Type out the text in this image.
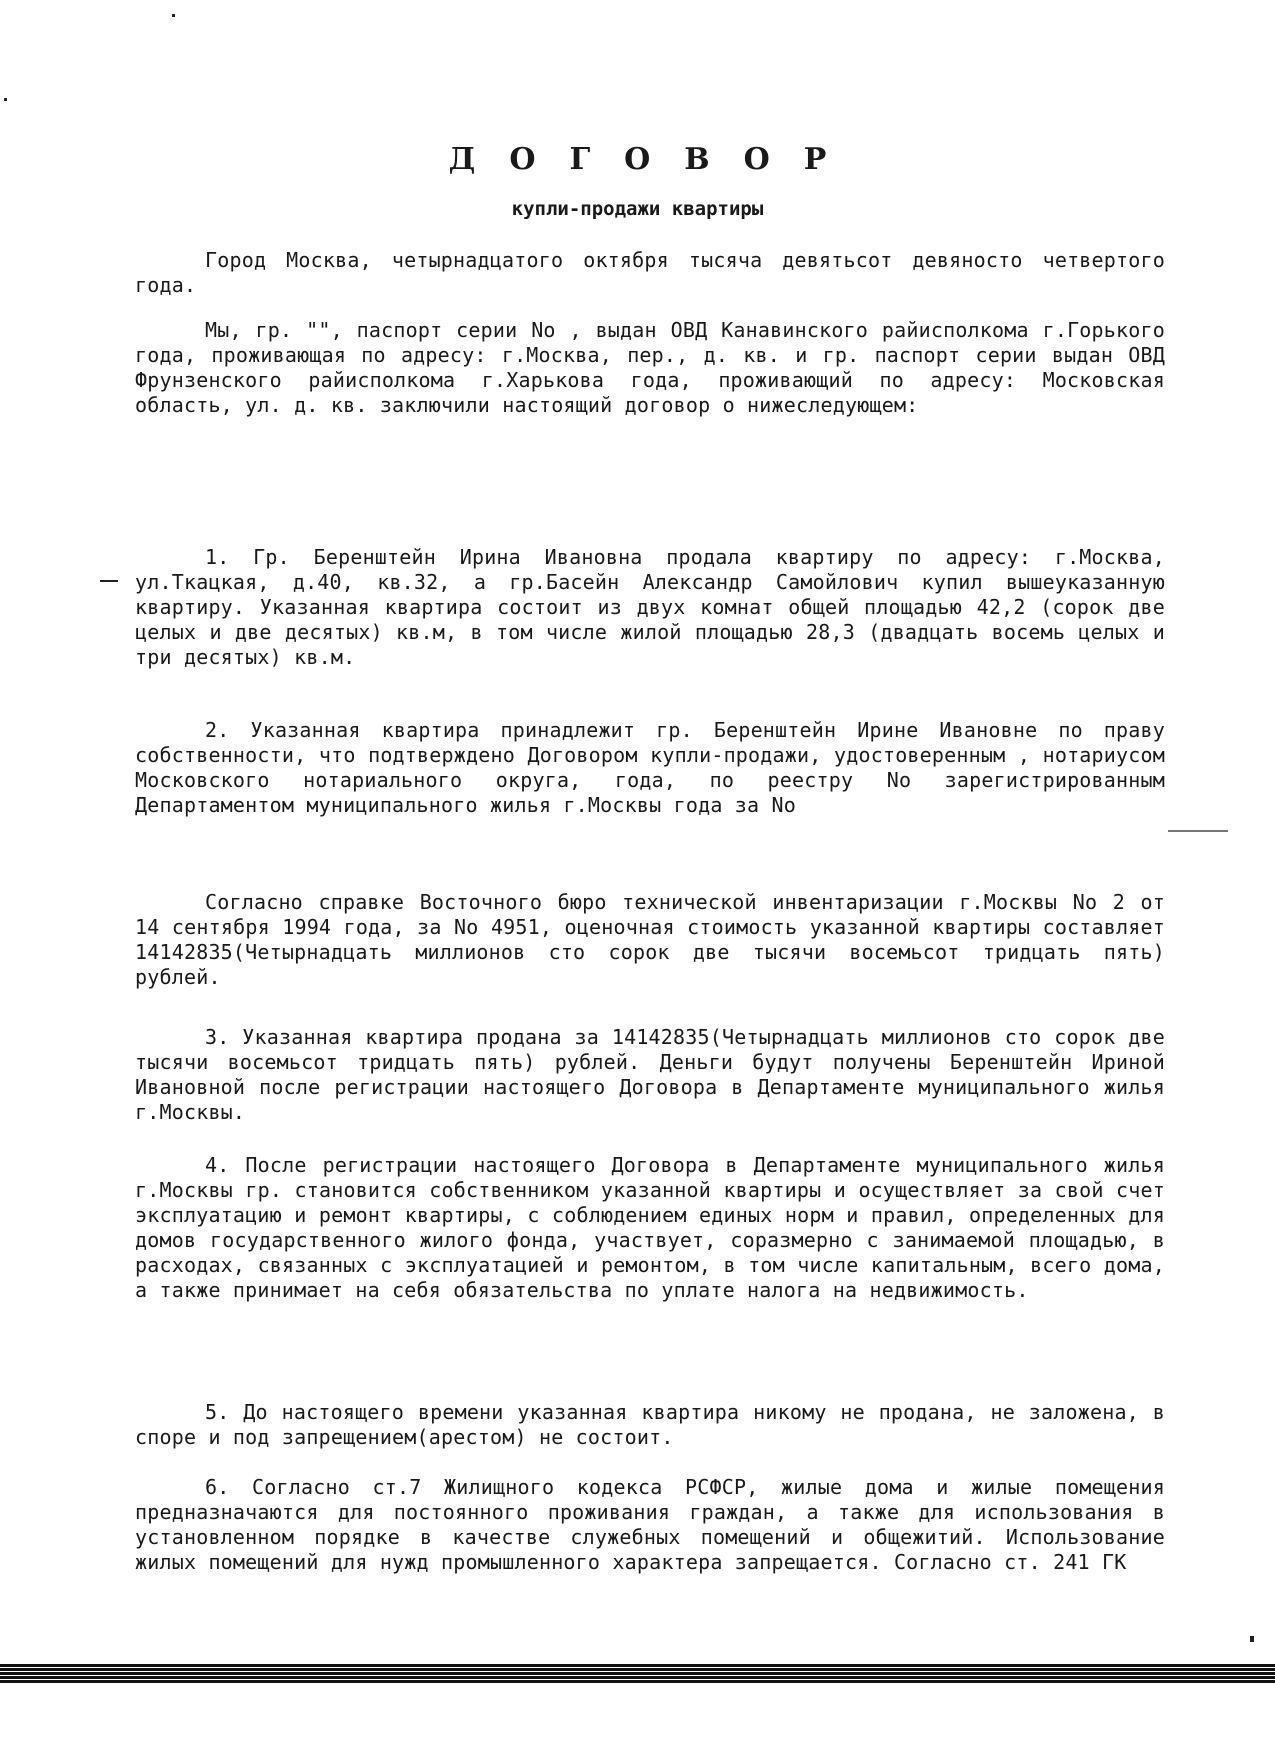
ДОГОВОР
купли-продажи квартиры
Город Москва, четырнадцатого октября тысяча девятьсот девяносто четвертого года.
Мы, гр. "", паспорт серии No , выдан ОВД Канавинского райисполкома г.Горького года, проживающая по адресу: г.Москва, пер., д. кв. и гр. паспорт серии выдан ОВД Фрунзенского райисполкома г.Харькова года, проживающий по адресу: Московская область, ул. д. кв. заключили настоящий договор о нижеследующем:
1. Гр. Беренштейн Ирина Ивановна продала квартиру по адресу: г.Москва, ул.Ткацкая, д.40, кв.32, а гр.Басейн Александр Самойлович купил вышеуказанную квартиру. Указанная квартира состоит из двух комнат общей площадью 42,2 (сорок две целых и две десятых) кв.м, в том числе жилой площадью 28,3 (двадцать восемь целых и три десятых) кв.м.
2. Указанная квартира принадлежит гр. Беренштейн Ирине Ивановне по праву собственности, что подтверждено Договором купли-продажи, удостоверенным , нотариусом Московского нотариального округа, года, по реестру No зарегистрированным Департаментом муниципального жилья г.Москвы года за No
Согласно справке Восточного бюро технической инвентаризации г.Москвы No 2 от 14 сентября 1994 года, за No 4951, оценочная стоимость указанной квартиры составляет 14142835(Четырнадцать миллионов сто сорок две тысячи восемьсот тридцать пять) рублей.
3. Указанная квартира продана за 14142835(Четырнадцать миллионов сто сорок две тысячи восемьсот тридцать пять) рублей. Деньги будут получены Беренштейн Ириной Ивановной после регистрации настоящего Договора в Департаменте муниципального жилья г.Москвы.
4. После регистрации настоящего Договора в Департаменте муниципального жилья г.Москвы гр. становится собственником указанной квартиры и осуществляет за свой счет эксплуатацию и ремонт квартиры, с соблюдением единых норм и правил, определенных для домов государственного жилого фонда, участвует, соразмерно с занимаемой площадью, в расходах, связанных с эксплуатацией и ремонтом, в том числе капитальным, всего дома, а также принимает на себя обязательства по уплате налога на недвижимость.
5. До настоящего времени указанная квартира никому не продана, не заложена, в споре и под запрещением(арестом) не состоит.
6. Согласно ст.7 Жилищного кодекса РСФСР, жилые дома и жилые помещения предназначаются для постоянного проживания граждан, а также для использования в установленном порядке в качестве служебных помещений и общежитий. Использование жилых помещений для нужд промышленного характера запрещается. Согласно ст. 241 ГК
